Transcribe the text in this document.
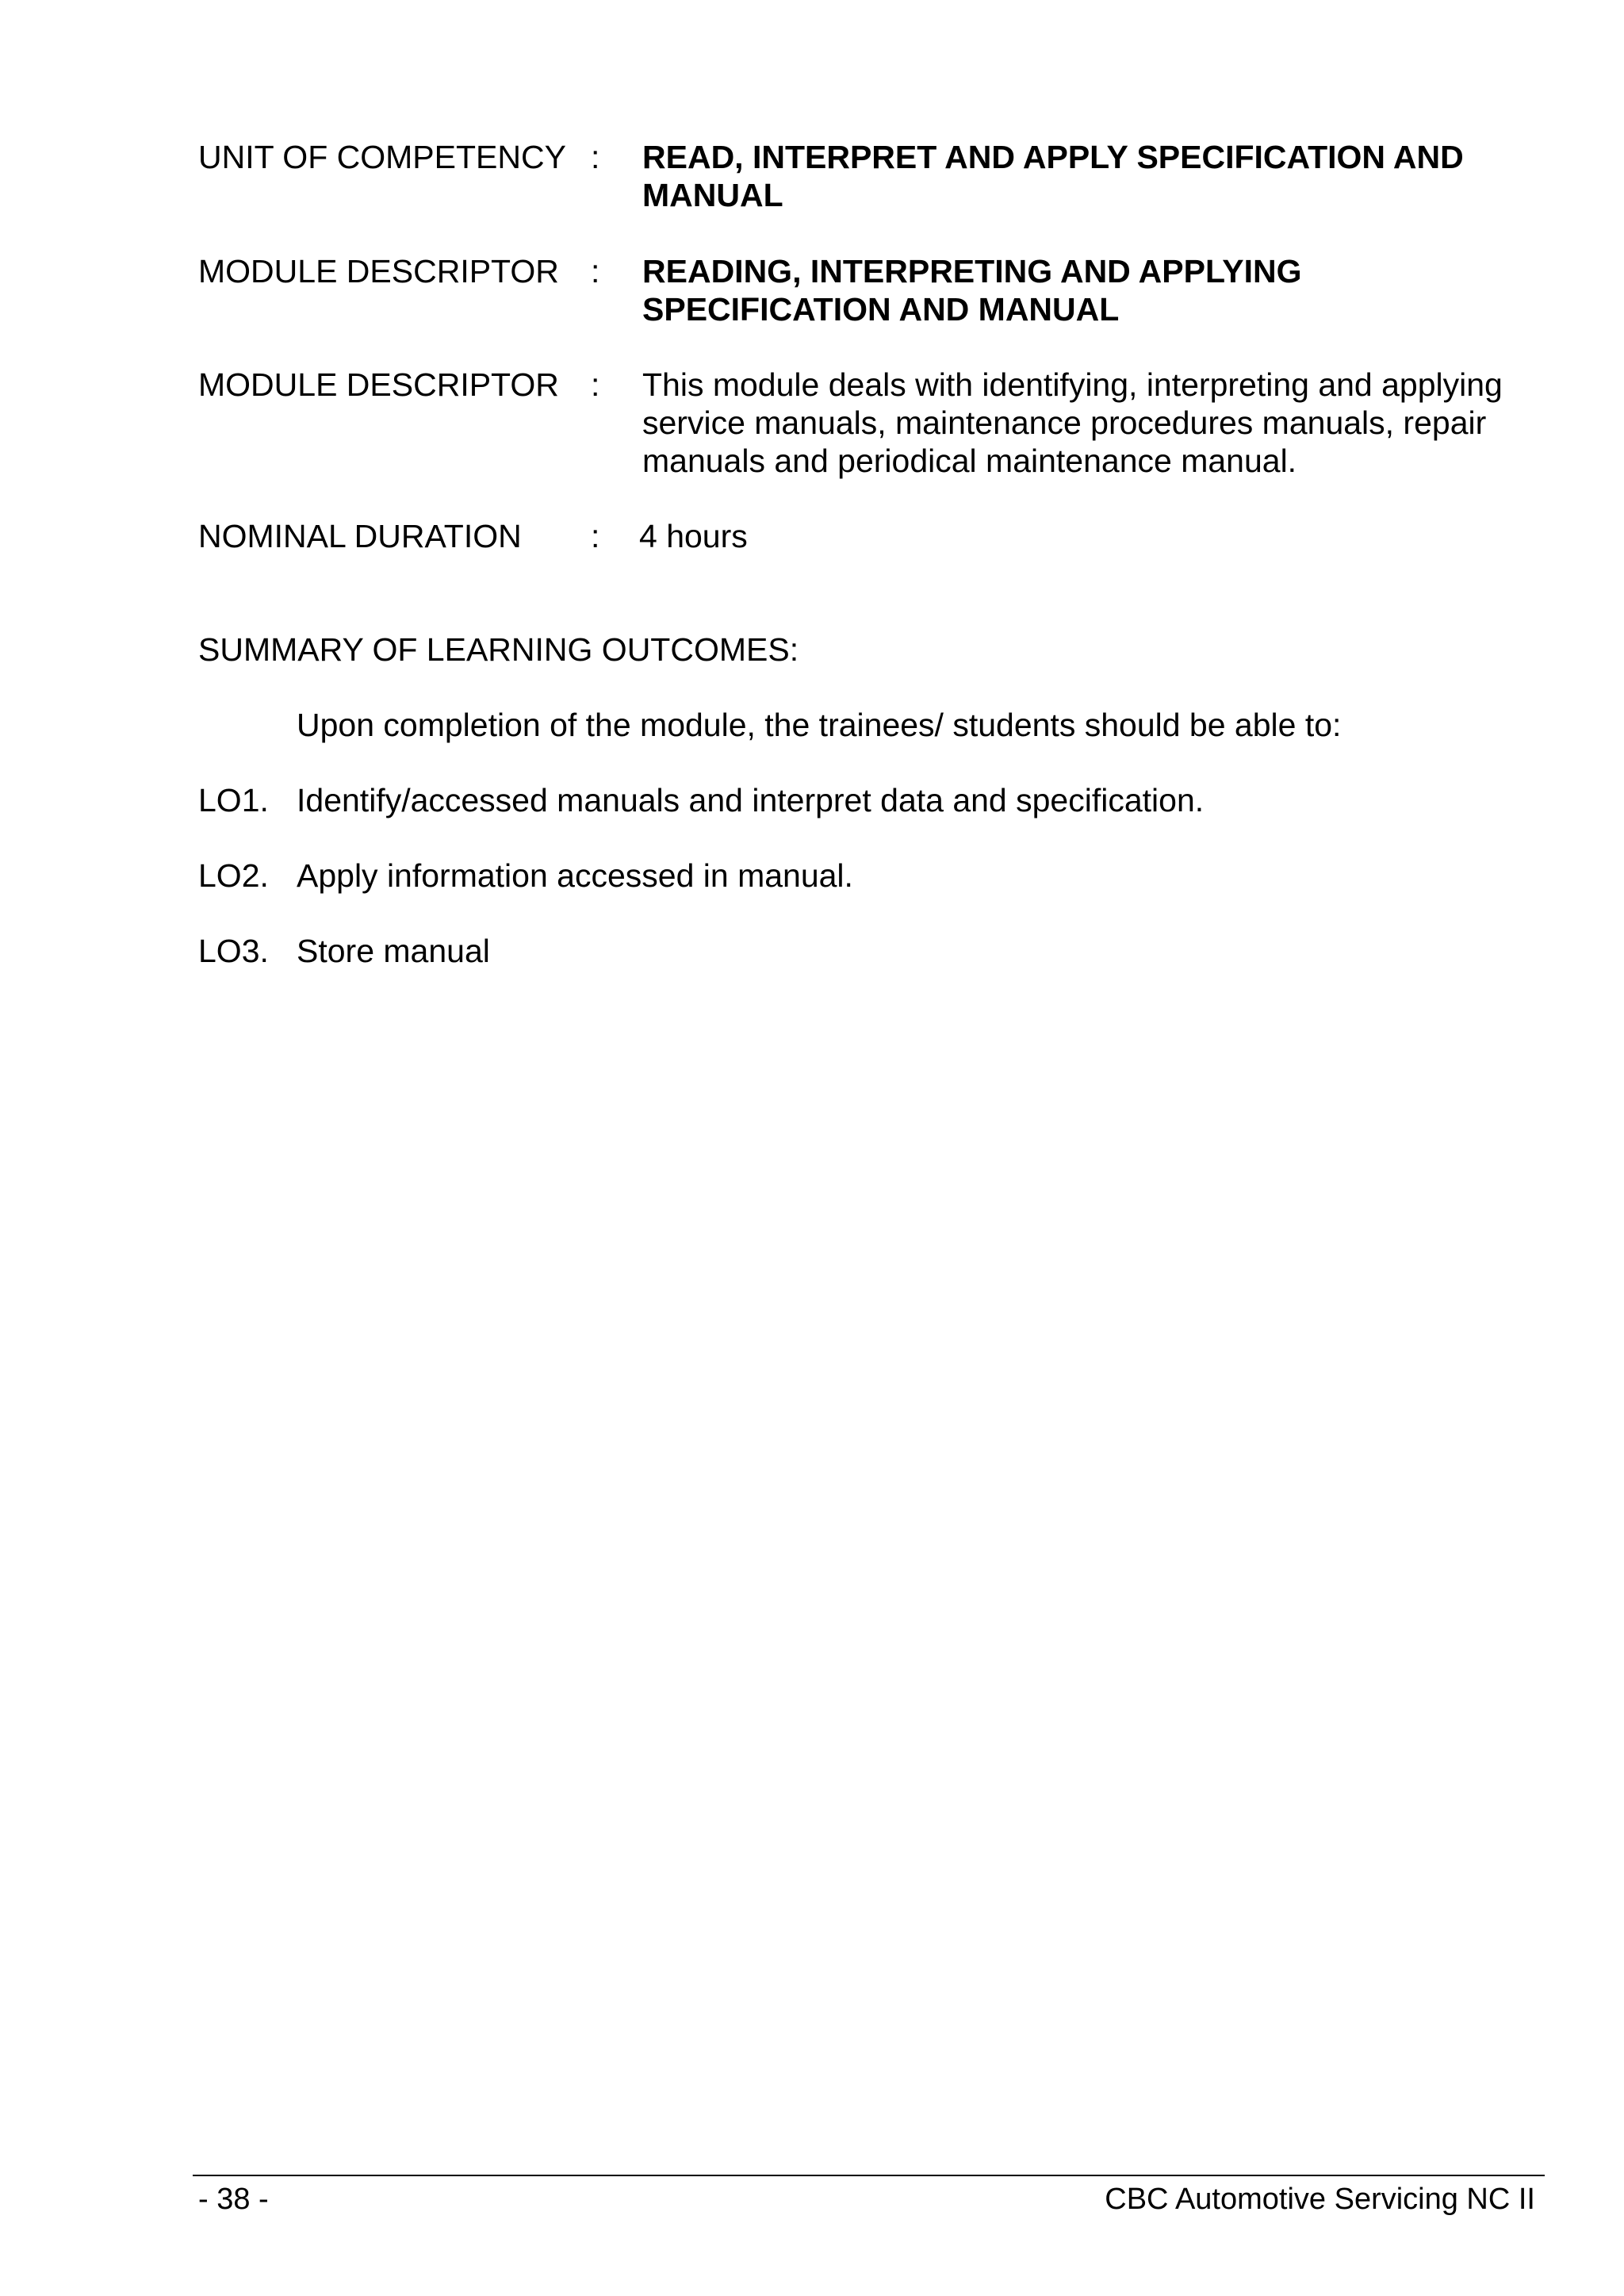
UNIT OF COMPETENCY : READ, INTERPRET AND APPLY SPECIFICATION AND MANUAL
MODULE DESCRIPTOR : READING, INTERPRETING AND APPLYING SPECIFICATION AND MANUAL
MODULE DESCRIPTOR : This module deals with identifying, interpreting and applying service manuals, maintenance procedures manuals, repair manuals and periodical maintenance manual.
NOMINAL DURATION : 4 hours
SUMMARY OF LEARNING OUTCOMES:
Upon completion of the module, the trainees/ students should be able to:
LO1. Identify/accessed manuals and interpret data and specification.
LO2. Apply information accessed in manual.
LO3. Store manual
- 38 -	CBC Automotive Servicing NC II
